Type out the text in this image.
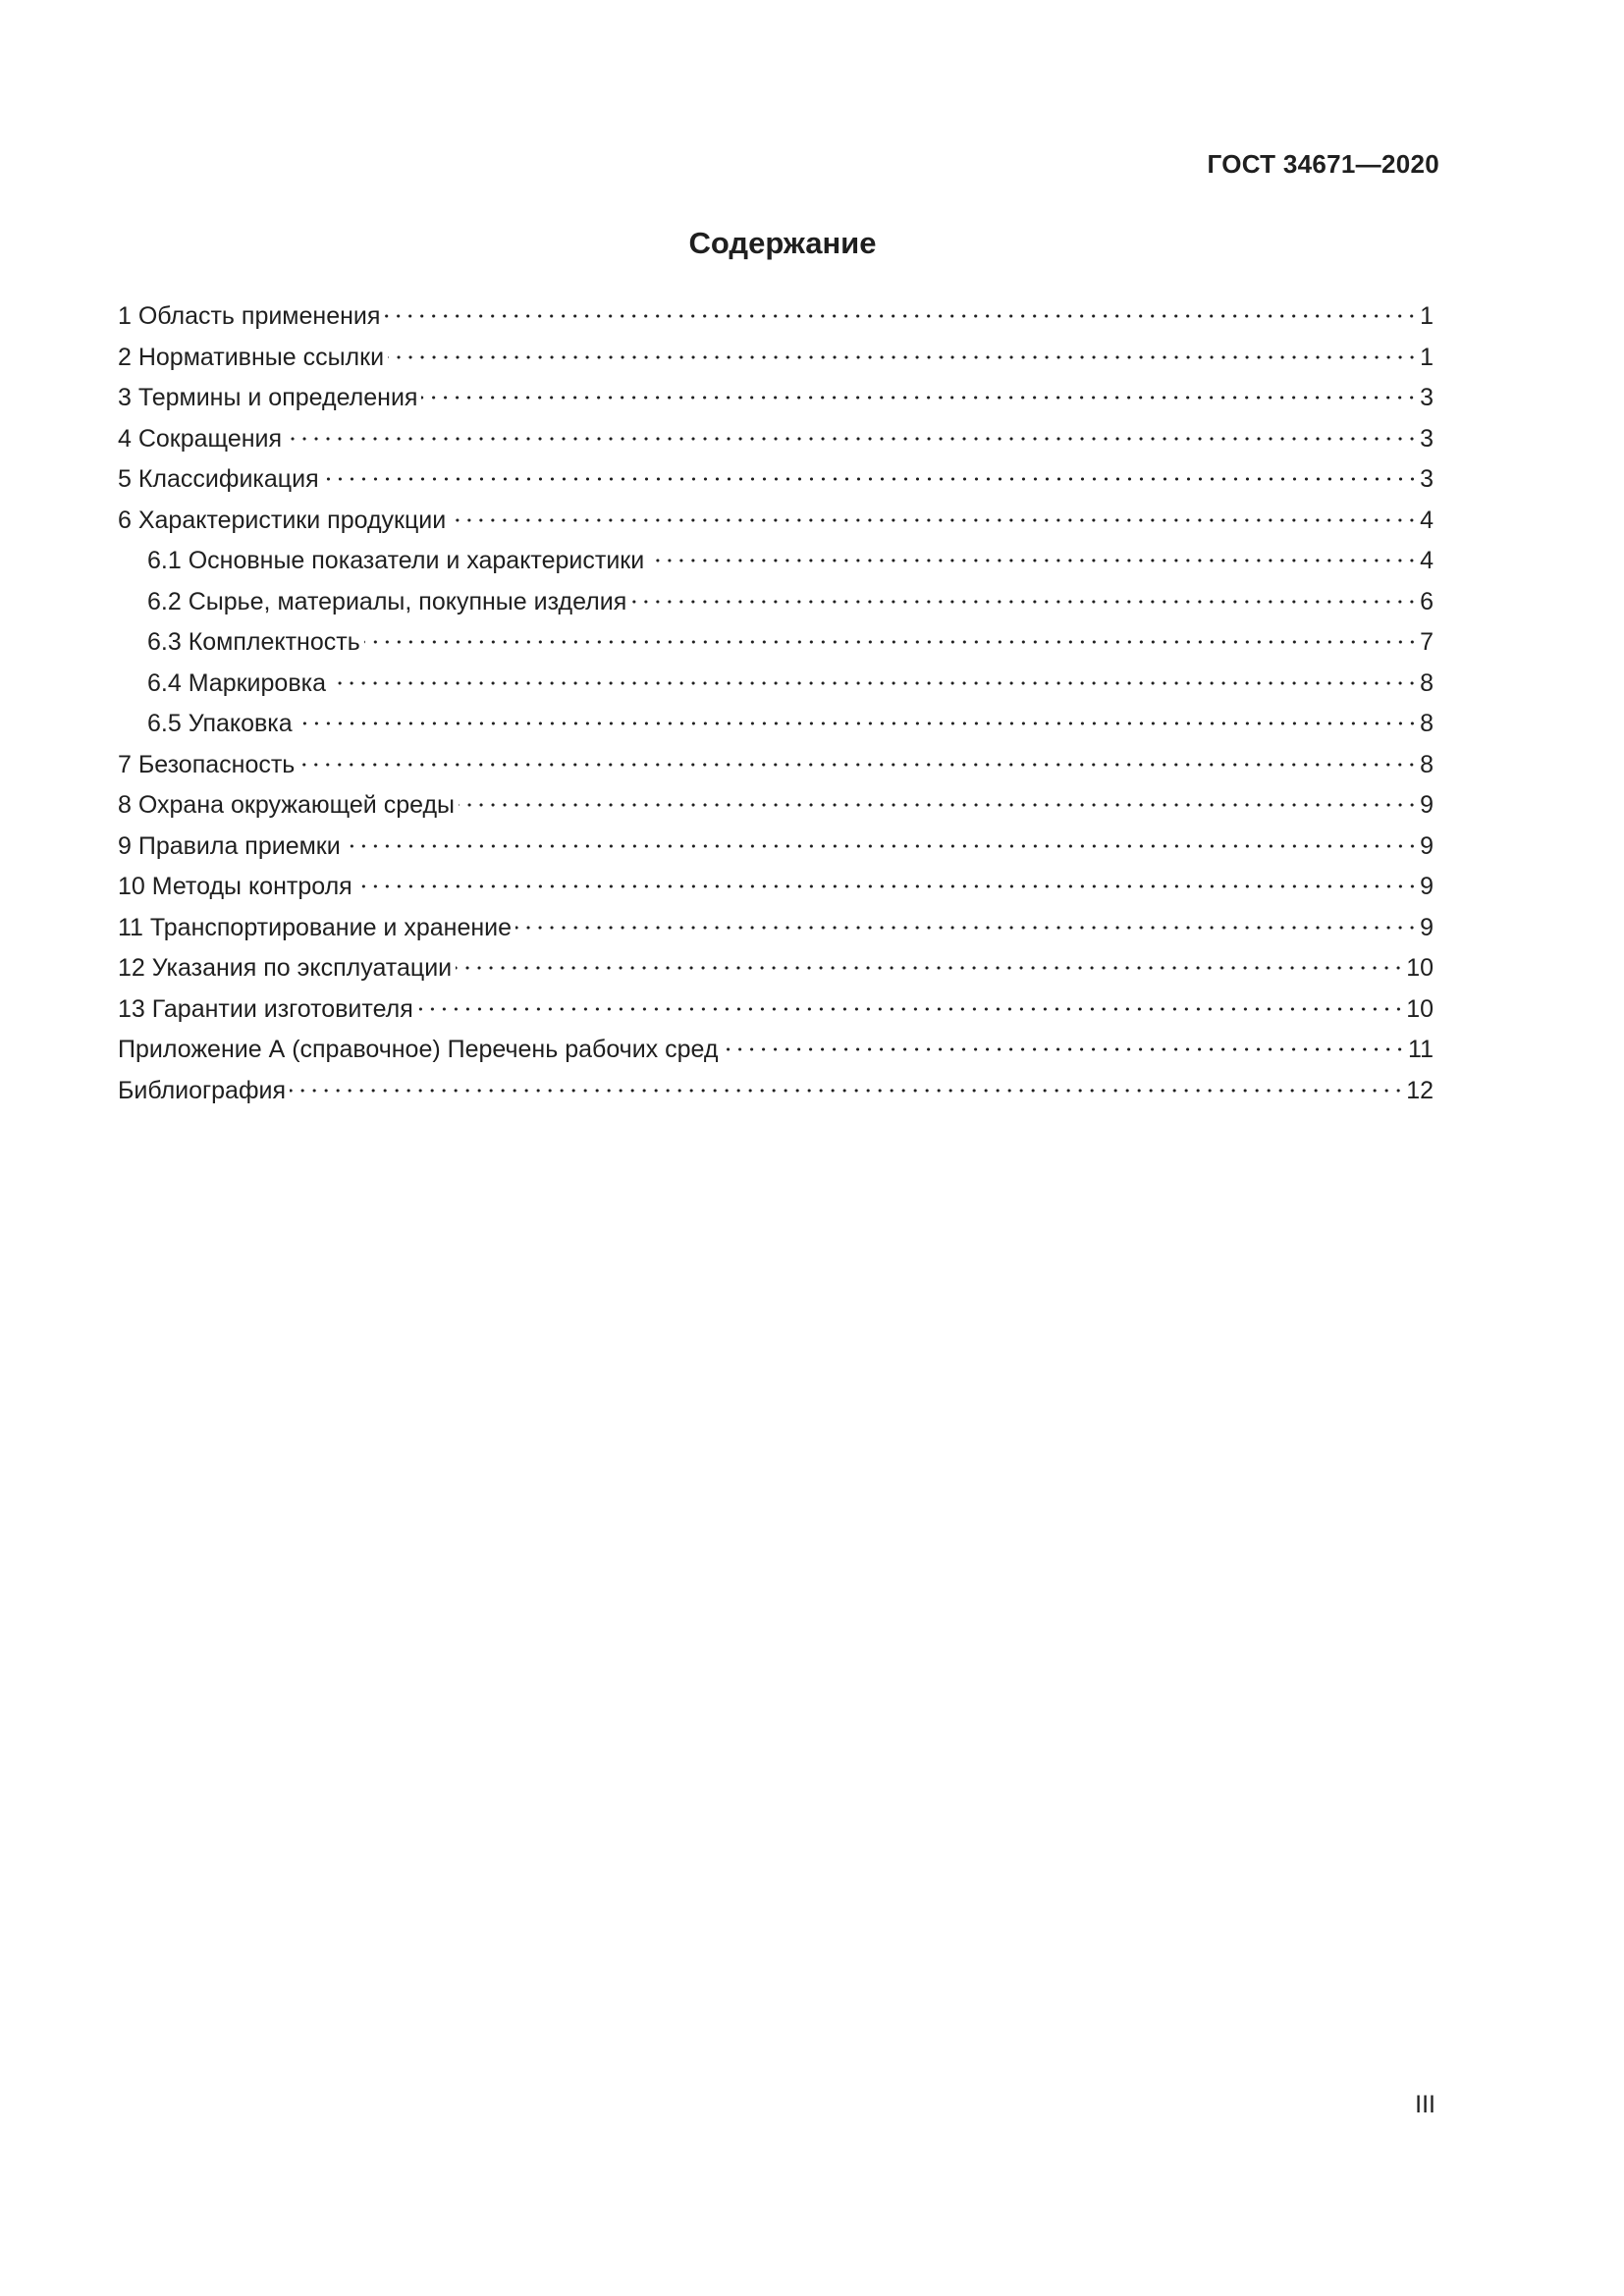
ГОСТ 34671—2020
Содержание
1 Область применения	1
2 Нормативные ссылки	1
3 Термины и определения	3
4 Сокращения	3
5 Классификация	3
6 Характеристики продукции	4
6.1 Основные показатели и характеристики	4
6.2 Сырье, материалы, покупные изделия	6
6.3 Комплектность	7
6.4 Маркировка	8
6.5 Упаковка	8
7 Безопасность	8
8 Охрана окружающей среды	9
9 Правила приемки	9
10 Методы контроля	9
11 Транспортирование и хранение	9
12 Указания по эксплуатации	10
13 Гарантии изготовителя	10
Приложение А (справочное) Перечень рабочих сред	11
Библиография	12
III
